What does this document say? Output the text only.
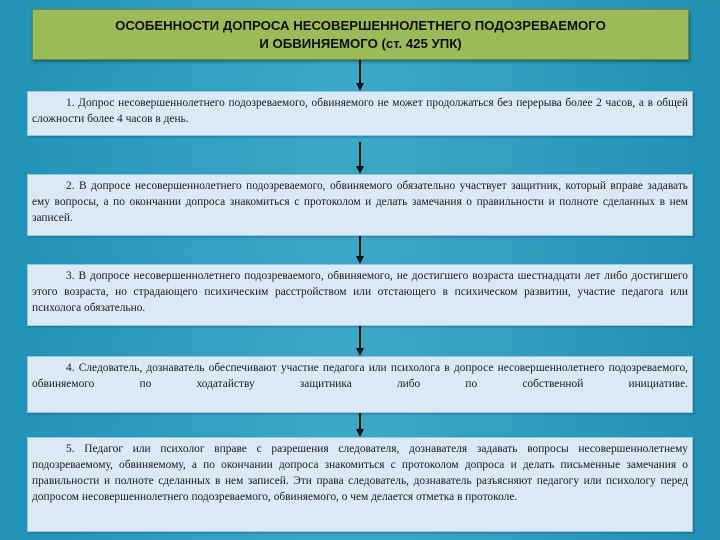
ОСОБЕННОСТИ ДОПРОСА НЕСОВЕРШЕННОЛЕТНЕГО ПОДОЗРЕВАЕМОГО
И ОБВИНЯЕМОГО (ст. 425 УПК)

1. Допрос несовершеннолетнего подозреваемого, обвиняемого не может продолжаться без перерыва более 2 часов, а в общей сложности более 4 часов в день.

2. В допросе несовершеннолетнего подозреваемого, обвиняемого обязательно участвует защитник, который вправе задавать ему вопросы, а по окончании допроса знакомиться с протоколом и делать замечания о правильности и полноте сделанных в нем записей.

3. В допросе несовершеннолетнего подозреваемого, обвиняемого, не достигшего возраста шестнадцати лет либо достигшего этого возраста, но страдающего психическим расстройством или отстающего в психическом развитии, участие педагога или психолога обязательно.

4. Следователь, дознаватель обеспечивают участие педагога или психолога в допросе несовершеннолетнего подозреваемого, обвиняемого по ходатайству защитника либо по собственной инициативе.

5. Педагог или психолог вправе с разрешения следователя, дознавателя задавать вопросы несовершеннолетнему подозреваемому, обвиняемому, а по окончании допроса знакомиться с протоколом допроса и делать письменные замечания о правильности и полноте сделанных в нем записей. Эти права следователь, дознаватель разъясняют педагогу или психологу перед допросом несовершеннолетнего подозреваемого, обвиняемого, о чем делается отметка в протоколе.
